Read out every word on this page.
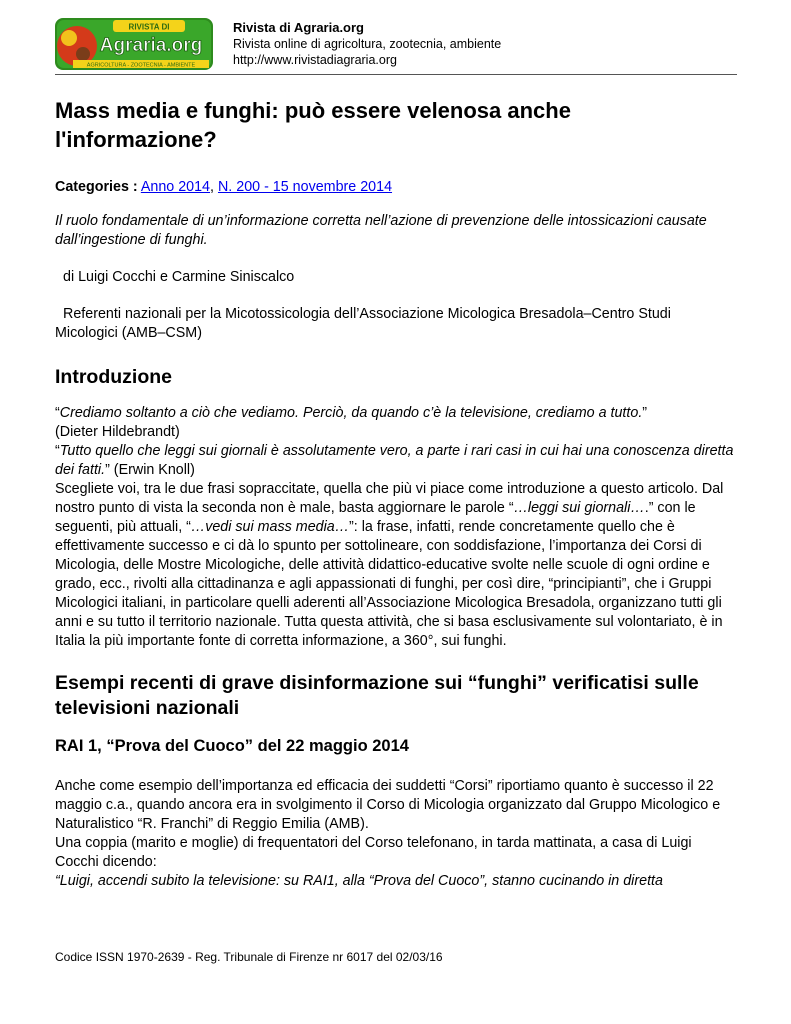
RIVISTA DI
Agraria.org
AGRICOLTURA - ZOOTECNIA - AMBIENTE
Rivista di Agraria.org
Rivista online di agricoltura, zootecnia, ambiente
http://www.rivistadiagraria.org
Mass media e funghi: può essere velenosa anche l'informazione?

Categories : Anno 2014, N. 200 - 15 novembre 2014

Il ruolo fondamentale di un’informazione corretta nell’azione di prevenzione delle intossicazioni causate dall’ingestione di funghi.

di Luigi Cocchi e Carmine Siniscalco

Referenti nazionali per la Micotossicologia dell’Associazione Micologica Bresadola–Centro Studi
Micologici (AMB–CSM)

Introduzione

“Crediamo soltanto a ciò che vediamo. Perciò, da quando c’è la televisione, crediamo a tutto.”
(Dieter Hildebrandt)

“Tutto quello che leggi sui giornali è assolutamente vero, a parte i rari casi in cui hai una conoscenza diretta dei fatti.” (Erwin Knoll)

Scegliete voi, tra le due frasi sopraccitate, quella che più vi piace come introduzione a questo articolo. Dal nostro punto di vista la seconda non è male, basta aggiornare le parole “…leggi sui giornali….” con le seguenti, più attuali, “…vedi sui mass media…”: la frase, infatti, rende concretamente quello che è effettivamente successo e ci dà lo spunto per sottolineare, con soddisfazione, l’importanza dei Corsi di Micologia, delle Mostre Micologiche, delle attività didattico-educative svolte nelle scuole di ogni ordine e grado, ecc., rivolti alla cittadinanza e agli appassionati di funghi, per così dire, “principianti”, che i Gruppi Micologici italiani, in particolare quelli aderenti all’Associazione Micologica Bresadola, organizzano tutti gli anni e su tutto il territorio nazionale. Tutta questa attività, che si basa esclusivamente sul volontariato, è in Italia la più importante fonte di corretta informazione, a 360°, sui funghi.

Esempi recenti di grave disinformazione sui “funghi” verificatisi sulle televisioni nazionali
RAI 1, “Prova del Cuoco” del 22 maggio 2014

Anche come esempio dell’importanza ed efficacia dei suddetti “Corsi” riportiamo quanto è successo il 22 maggio c.a., quando ancora era in svolgimento il Corso di Micologia organizzato dal Gruppo Micologico e Naturalistico “R. Franchi” di Reggio Emilia (AMB).

Una coppia (marito e moglie) di frequentatori del Corso telefonano, in tarda mattinata, a casa di Luigi Cocchi dicendo:

“Luigi, accendi subito la televisione: su RAI1, alla “Prova del Cuoco”, stanno cucinando in diretta

Codice ISSN 1970-2639 - Reg. Tribunale di Firenze nr 6017 del 02/03/16
